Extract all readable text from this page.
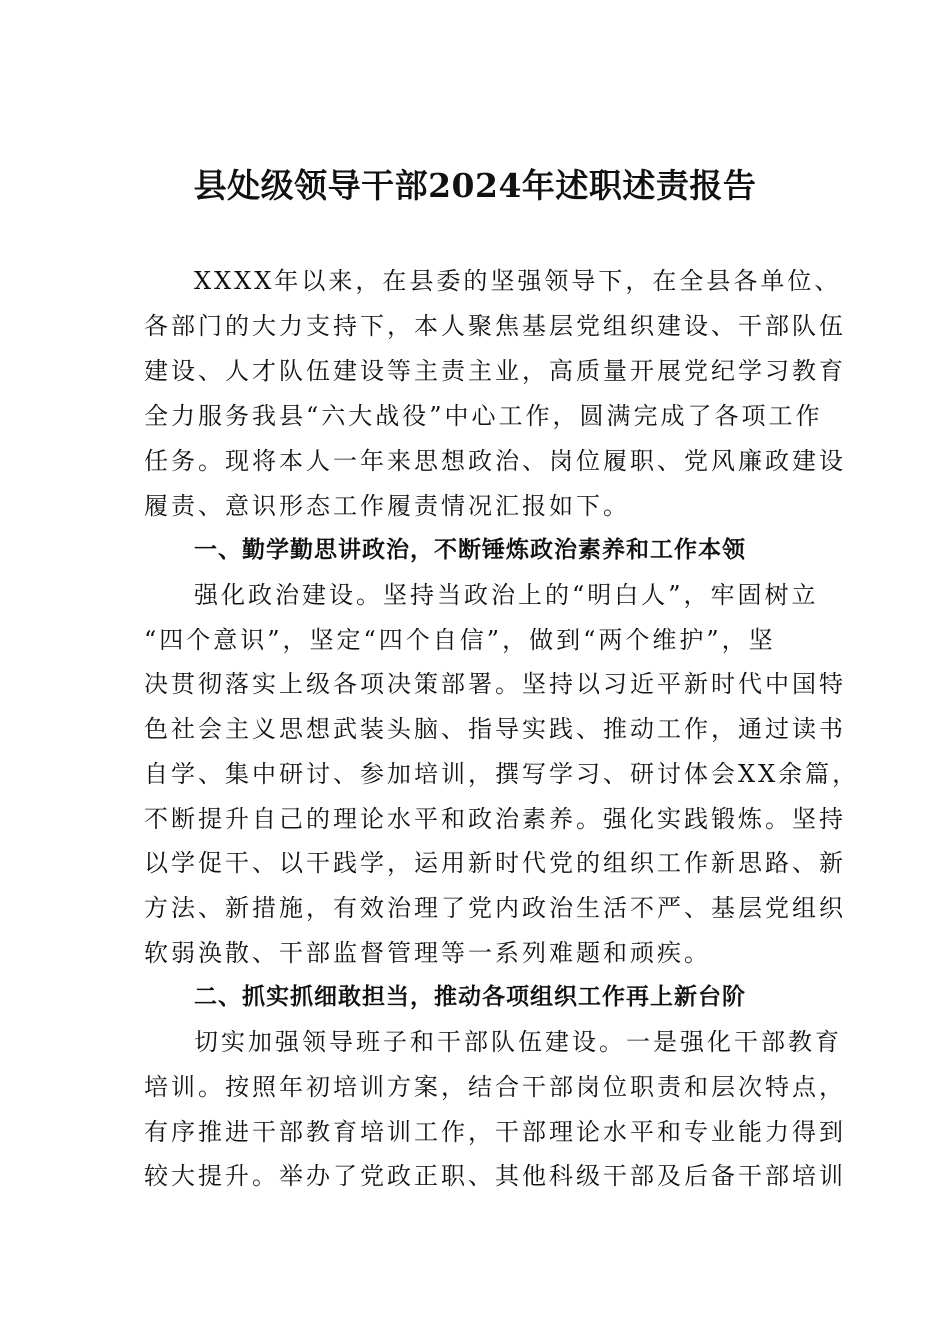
县处级领导干部2024年述职述责报告
XXXX年以来，在县委的坚强领导下，在全县各单位、
各部门的大力支持下，本人聚焦基层党组织建设、干部队伍
建设、人才队伍建设等主责主业，高质量开展党纪学习教育
全力服务我县“六大战役”中心工作，圆满完成了各项工作
任务。现将本人一年来思想政治、岗位履职、党风廉政建设
履责、意识形态工作履责情况汇报如下。
一、勤学勤思讲政治，不断锤炼政治素养和工作本领
强化政治建设。坚持当政治上的“明白人”，牢固树立
“四个意识”，坚定“四个自信”，做到“两个维护”，坚
决贯彻落实上级各项决策部署。坚持以习近平新时代中国特
色社会主义思想武装头脑、指导实践、推动工作，通过读书
自学、集中研讨、参加培训，撰写学习、研讨体会XX余篇，
不断提升自己的理论水平和政治素养。强化实践锻炼。坚持
以学促干、以干践学，运用新时代党的组织工作新思路、新
方法、新措施，有效治理了党内政治生活不严、基层党组织
软弱涣散、干部监督管理等一系列难题和顽疾。
二、抓实抓细敢担当，推动各项组织工作再上新台阶
切实加强领导班子和干部队伍建设。一是强化干部教育
培训。按照年初培训方案，结合干部岗位职责和层次特点，
有序推进干部教育培训工作，干部理论水平和专业能力得到
较大提升。举办了党政正职、其他科级干部及后备干部培训
